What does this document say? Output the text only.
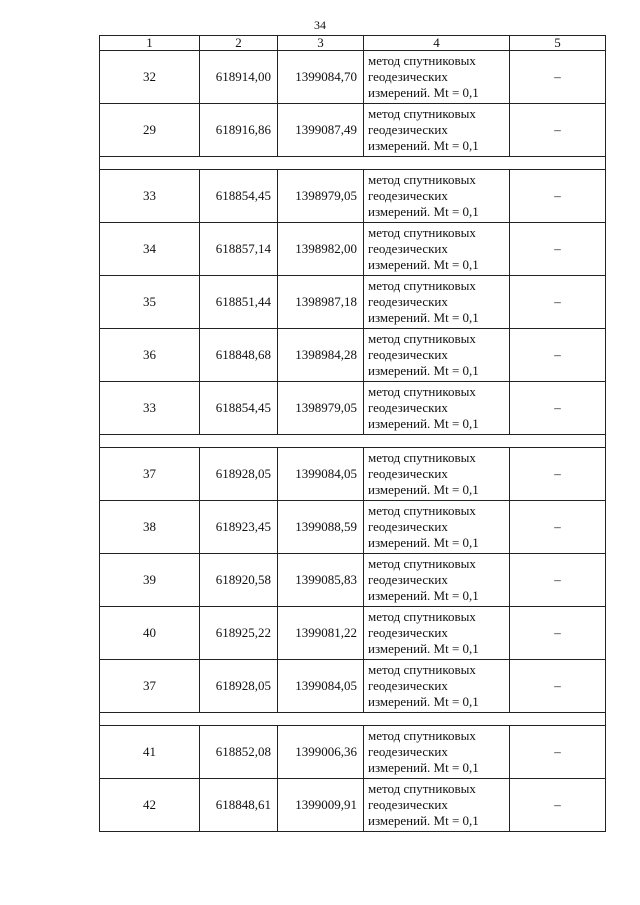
34
1	2	3	4	5
32	618914,00	1399084,70	метод спутниковых геодезических измерений. Mt = 0,1	–
29	618916,86	1399087,49	метод спутниковых геодезических измерений. Mt = 0,1	–

33	618854,45	1398979,05	метод спутниковых геодезических измерений. Mt = 0,1	–
34	618857,14	1398982,00	метод спутниковых геодезических измерений. Mt = 0,1	–
35	618851,44	1398987,18	метод спутниковых геодезических измерений. Mt = 0,1	–
36	618848,68	1398984,28	метод спутниковых геодезических измерений. Mt = 0,1	–
33	618854,45	1398979,05	метод спутниковых геодезических измерений. Mt = 0,1	–

37	618928,05	1399084,05	метод спутниковых геодезических измерений. Mt = 0,1	–
38	618923,45	1399088,59	метод спутниковых геодезических измерений. Mt = 0,1	–
39	618920,58	1399085,83	метод спутниковых геодезических измерений. Mt = 0,1	–
40	618925,22	1399081,22	метод спутниковых геодезических измерений. Mt = 0,1	–
37	618928,05	1399084,05	метод спутниковых геодезических измерений. Mt = 0,1	–

41	618852,08	1399006,36	метод спутниковых геодезических измерений. Mt = 0,1	–
42	618848,61	1399009,91	метод спутниковых геодезических измерений. Mt = 0,1	–
